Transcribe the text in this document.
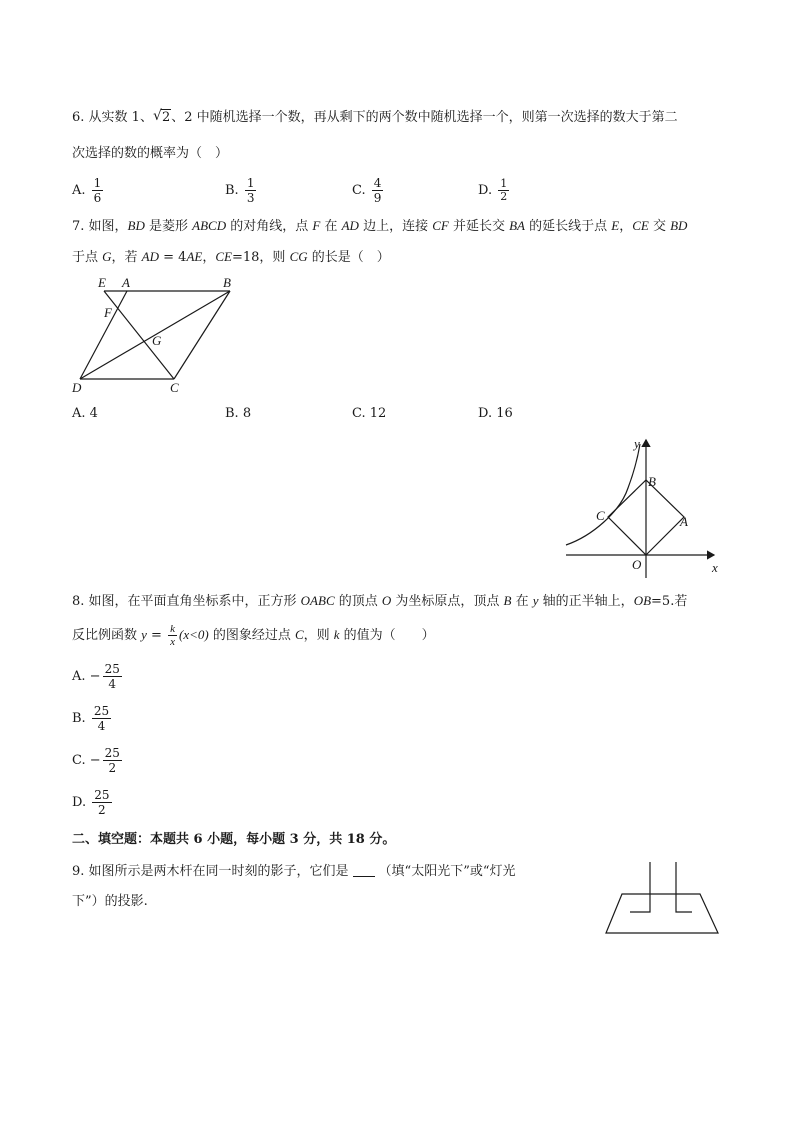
6. 从实数 1、 √ 2、2 中随机选择一个数，再从剩下的两个数中随机选择一个，则第一次选择的数大于第二
次选择的数的概率为（　）
A. $\frac{1}{6}$	B. $\frac{1}{3}$	C. $\frac{4}{9}$	D. $\frac{1}{2}$
7. 如图，BD 是菱形 ABCD 的对角线，点 F 在 AD 边上，连接 CF 并延长交 BA 的延长线于点 E，CE 交 BD
于点 G，若 AD = 4AE，CE=18，则 CG 的长是（　）
E A	B
F
G
D	C
A. 4	B. 8	C. 12	D. 16
y
x
B
C	A
O
8. 如图，在平面直角坐标系中，正方形 OABC 的顶点 O 为坐标原点，顶点 B 在 y 轴的正半轴上，OB=5.若
反比例函数 $y = \frac{k}{x} (x<0)$ 的图象经过点 C，则 k 的值为（　　）
A. − $\frac{25}{4}$
B. $\frac{25}{4}$
C. − $\frac{25}{2}$
D. $\frac{25}{2}$
二、填空题：本题共 6 小题，每小题 3 分，共 18 分。
9. 如图所示是两木杆在同一时刻的影子，它们是 （填“太阳光下”或“灯光
下”）的投影.
